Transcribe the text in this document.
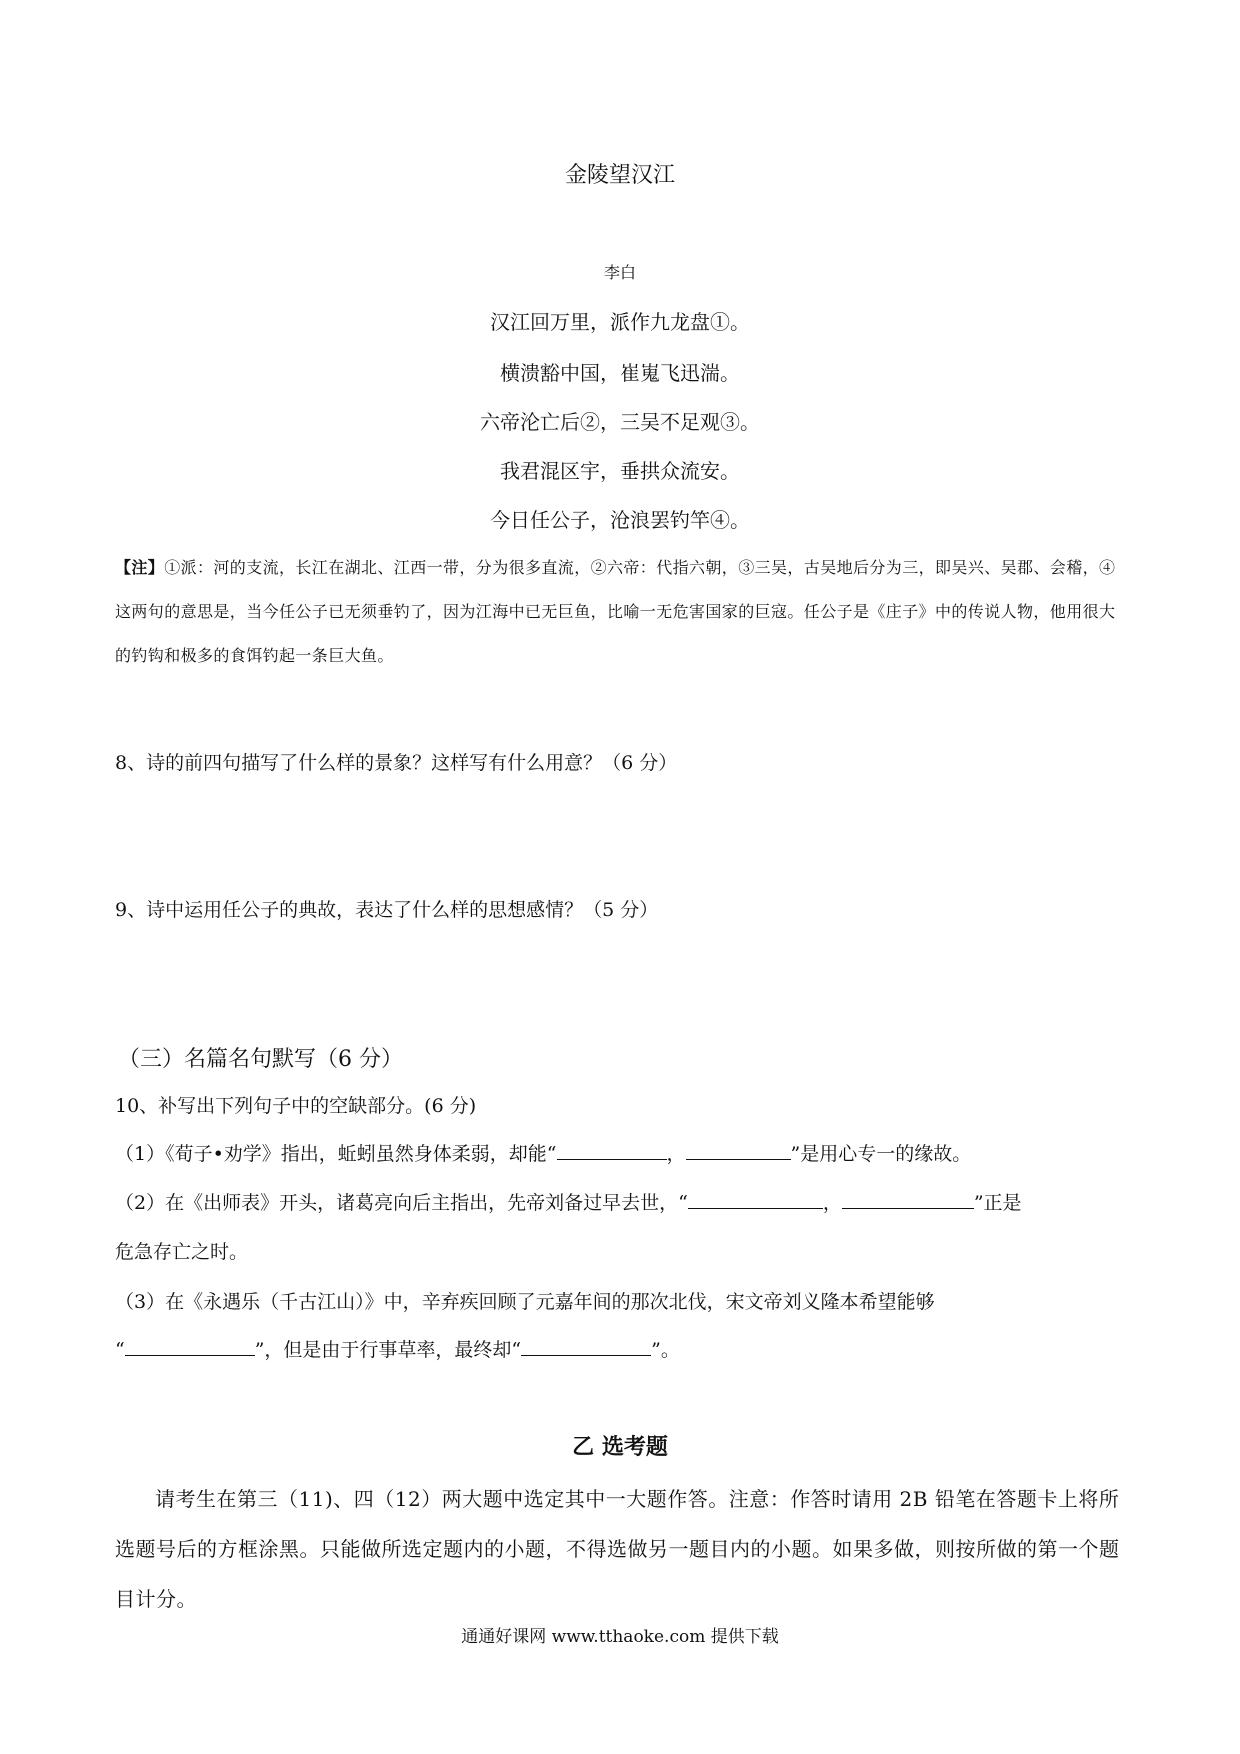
金陵望汉江
李白
汉江回万里，派作九龙盘①。
横溃豁中国，崔嵬飞迅湍。
六帝沦亡后②，三吴不足观③。
我君混区宇，垂拱众流安。
今日任公子，沧浪罢钓竿④。
【注】①派：河的支流，长江在湖北、江西一带，分为很多直流，②六帝：代指六朝，③三吴，古吴地后分为三，即吴兴、吴郡、会稽，④这两句的意思是，当今任公子已无须垂钓了，因为江海中已无巨鱼，比喻一无危害国家的巨寇。任公子是《庄子》中的传说人物，他用很大的钓钩和极多的食饵钓起一条巨大鱼。
8、诗的前四句描写了什么样的景象？这样写有什么用意？（6 分）
9、诗中运用任公子的典故，表达了什么样的思想感情？（5 分）
（三）名篇名句默写（6 分）
10、补写出下列句子中的空缺部分。(6 分)
（1）《荀子•劝学》指出，蚯蚓虽然身体柔弱，却能“	，	”是用心专一的缘故。
（2）在《出师表》开头，诸葛亮向后主指出，先帝刘备过早去世，“	，	”正是
危急存亡之时。
（3）在《永遇乐（千古江山）》中，辛弃疾回顾了元嘉年间的那次北伐，宋文帝刘义隆本希望能够
“	”，但是由于行事草率，最终却“	”。
乙 选考题
请考生在第三（11)、四（12）两大题中选定其中一大题作答。注意：作答时请用 2B 铅笔在答题卡上将所选题号后的方框涂黑。只能做所选定题内的小题，不得选做另一题目内的小题。如果多做，则按所做的第一个题目计分。
通通好课网 www.tthaoke.com 提供下载
